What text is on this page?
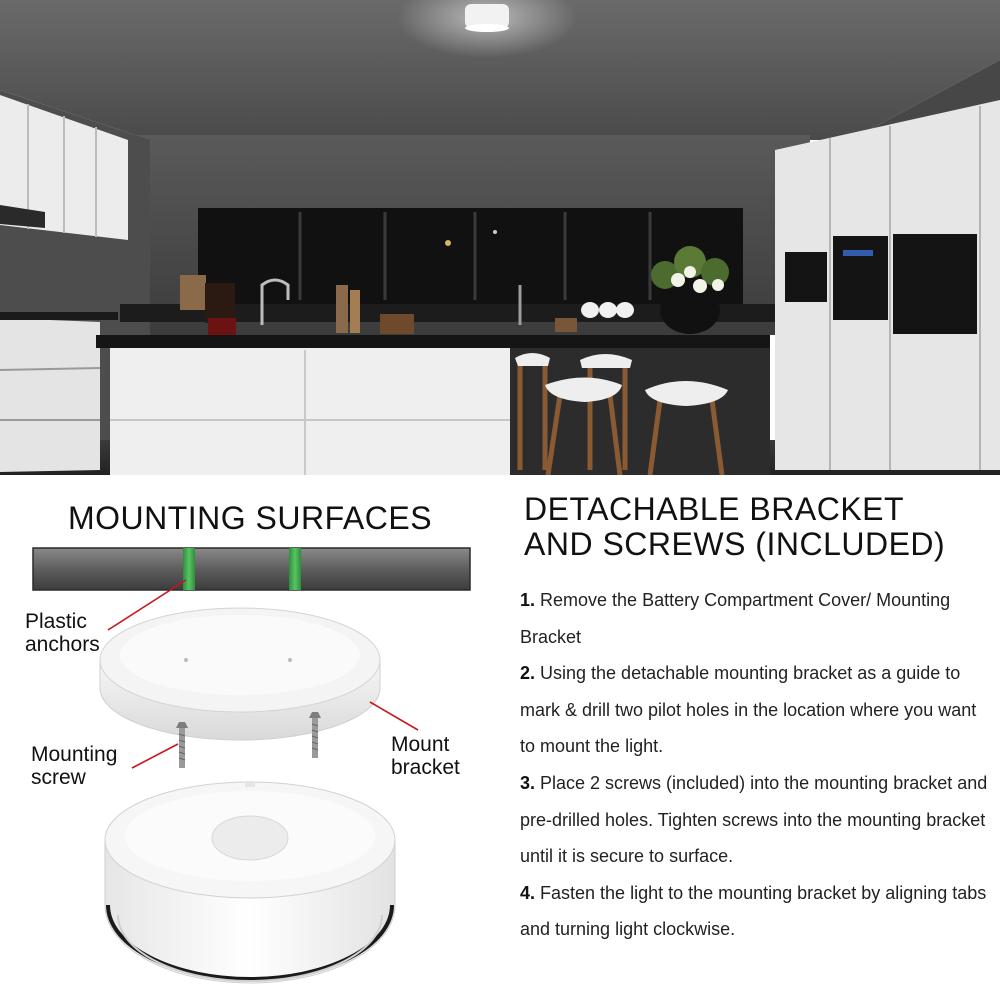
MOUNTING SURFACES
Plastic
anchors
Mounting
screw
Mount
bracket
DETACHABLE BRACKET
AND SCREWS (INCLUDED)
1. Remove the Battery Compartment Cover/ Mounting Bracket
2. Using the detachable mounting bracket as a guide to mark & drill two pilot holes in the location where you want to mount the light.
3. Place 2 screws (included) into the mounting bracket and pre-drilled holes. Tighten screws into the mounting bracket until it is secure to surface.
4. Fasten the light to the mounting bracket by aligning tabs and turning light clockwise.
